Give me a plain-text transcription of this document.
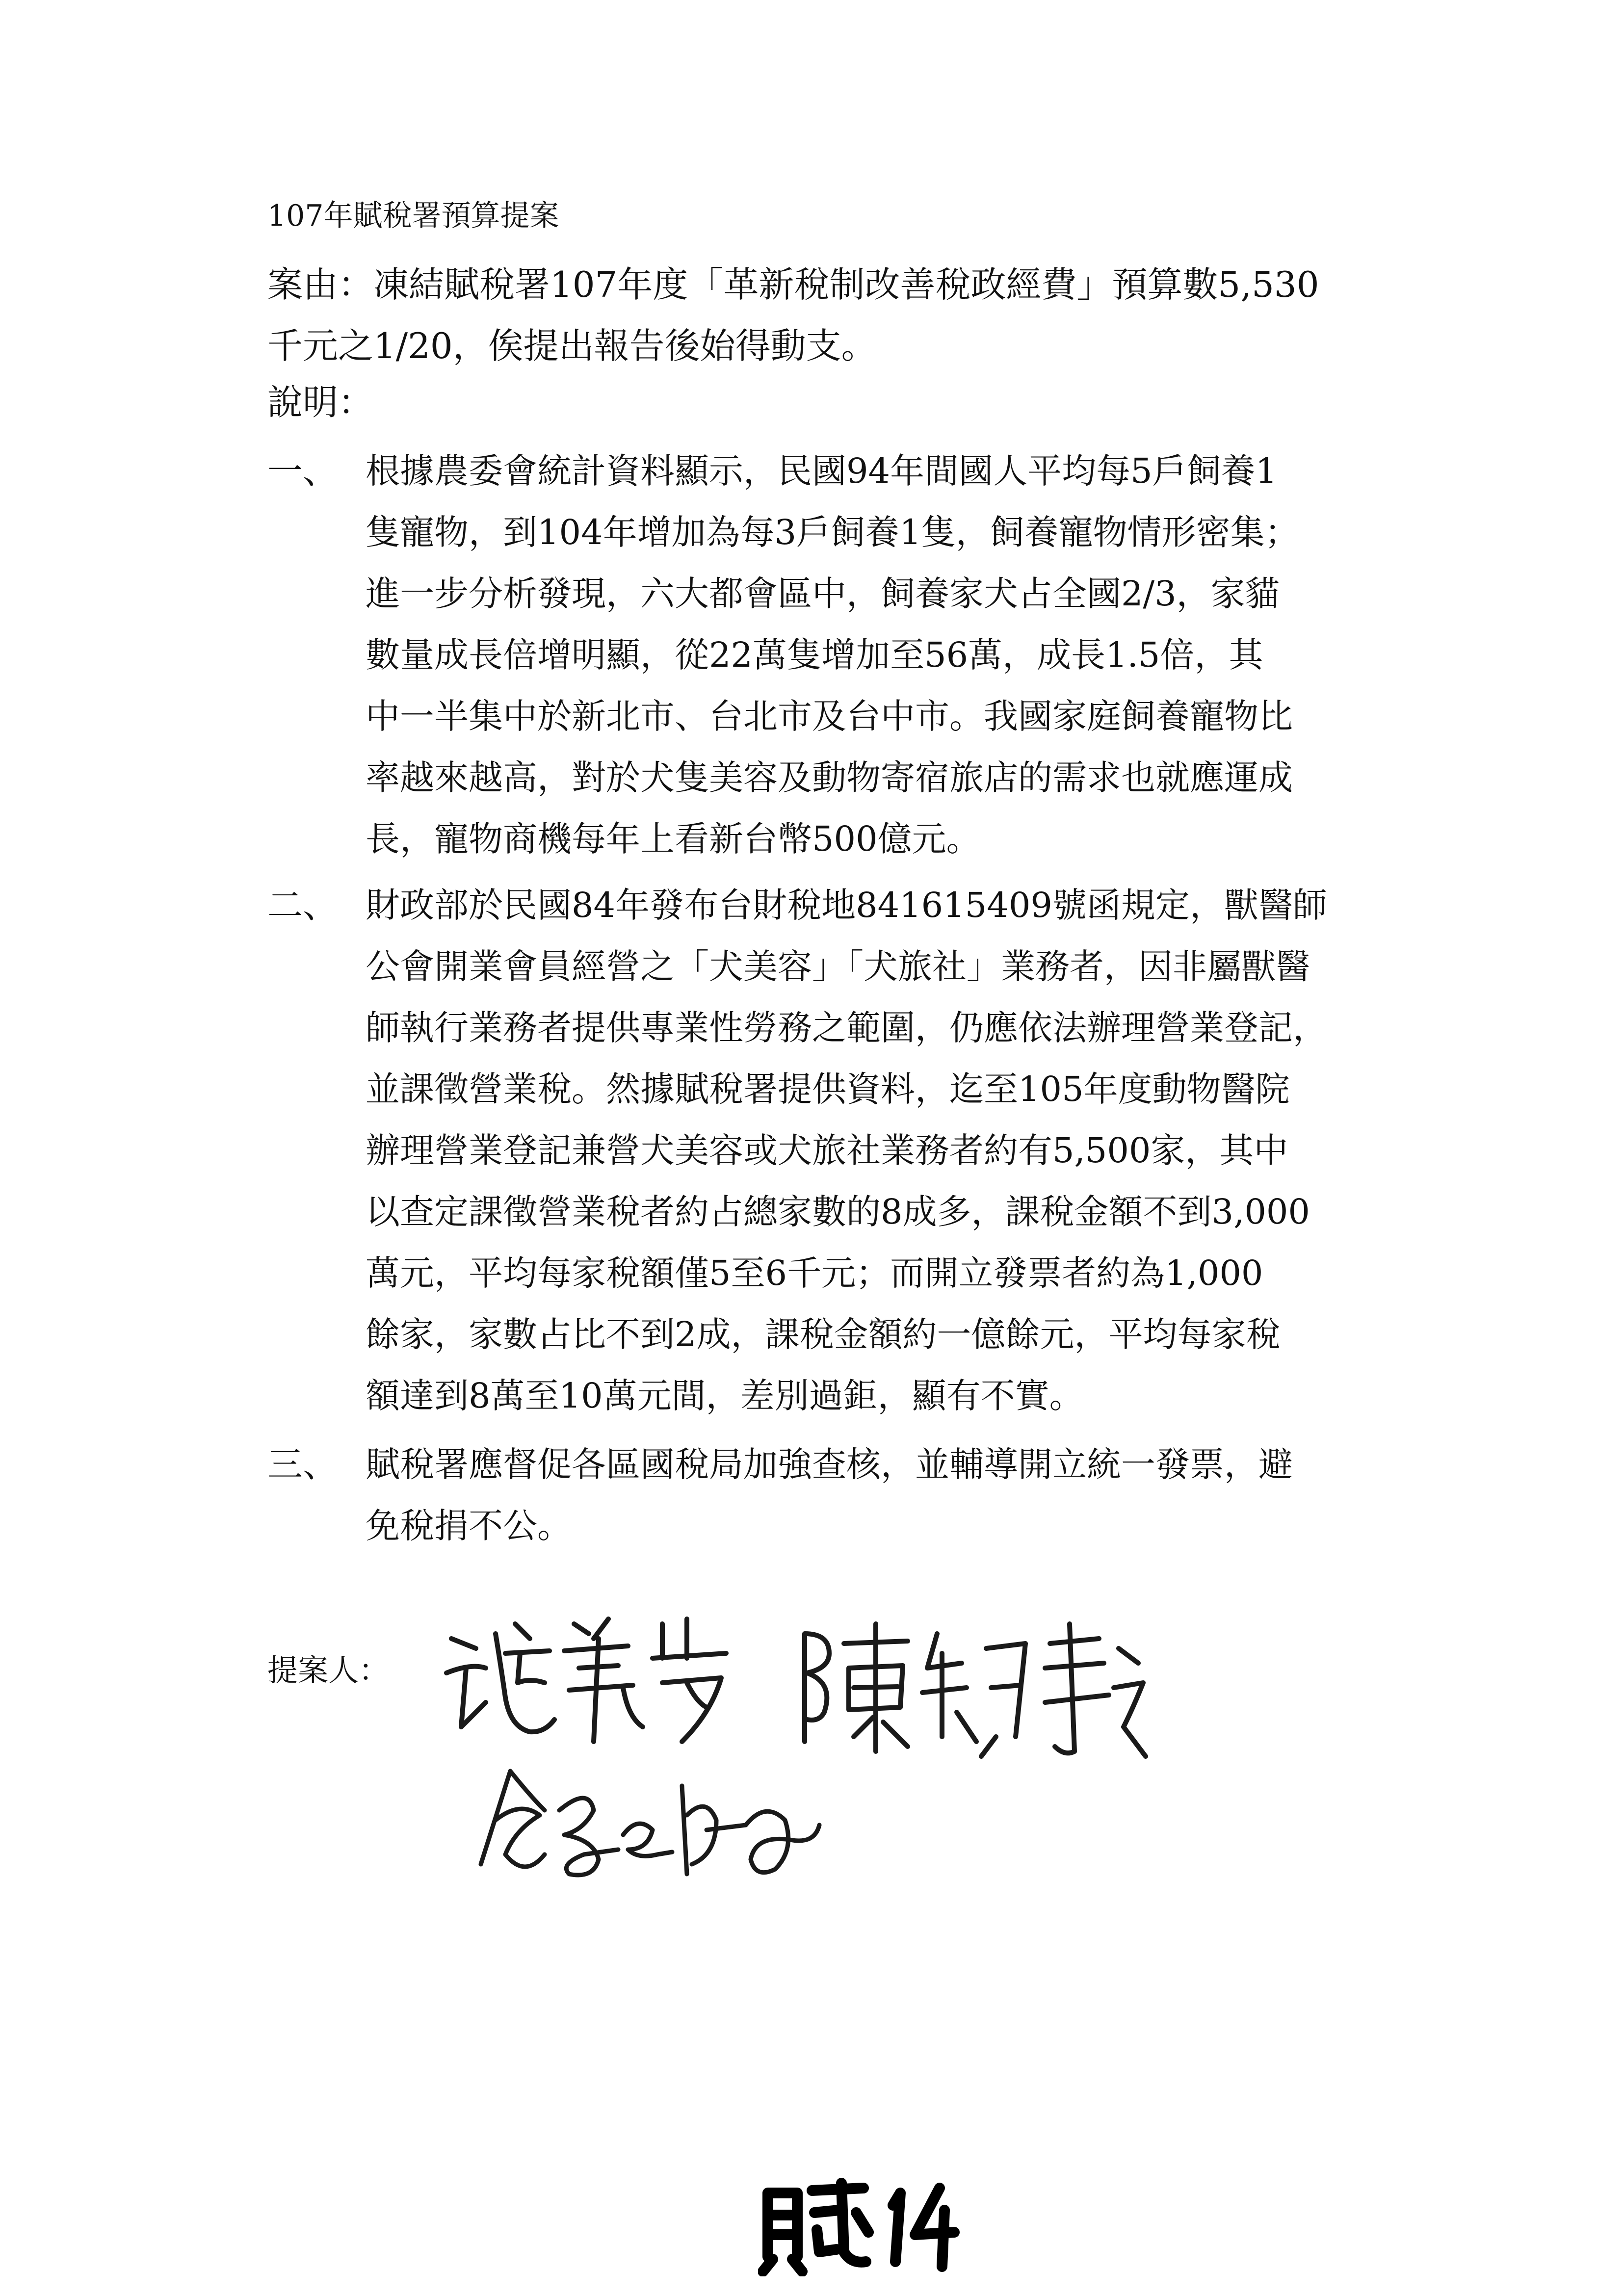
107年賦稅署預算提案
案由：凍結賦稅署107年度「革新稅制改善稅政經費」預算數5,530
千元之1/20，俟提出報告後始得動支。
說明：
一、 根據農委會統計資料顯示，民國94年間國人平均每5戶飼養1
隻寵物，到104年增加為每3戶飼養1隻，飼養寵物情形密集；
進一步分析發現，六大都會區中，飼養家犬占全國2/3，家貓
數量成長倍增明顯，從22萬隻增加至56萬，成長1.5倍，其
中一半集中於新北市、台北市及台中市。我國家庭飼養寵物比
率越來越高，對於犬隻美容及動物寄宿旅店的需求也就應運成
長，寵物商機每年上看新台幣500億元。
二、 財政部於民國84年發布台財稅地841615409號函規定，獸醫師
公會開業會員經營之「犬美容」「犬旅社」業務者，因非屬獸醫
師執行業務者提供專業性勞務之範圍，仍應依法辦理營業登記，
並課徵營業稅。然據賦稅署提供資料，迄至105年度動物醫院
辦理營業登記兼營犬美容或犬旅社業務者約有5,500家，其中
以查定課徵營業稅者約占總家數的8成多，課稅金額不到3,000
萬元，平均每家稅額僅5至6千元；而開立發票者約為1,000
餘家，家數占比不到2成，課稅金額約一億餘元，平均每家稅
額達到8萬至10萬元間，差別過鉅，顯有不實。
三、 賦稅署應督促各區國稅局加強查核，並輔導開立統一發票，避
免稅捐不公。
提案人：
